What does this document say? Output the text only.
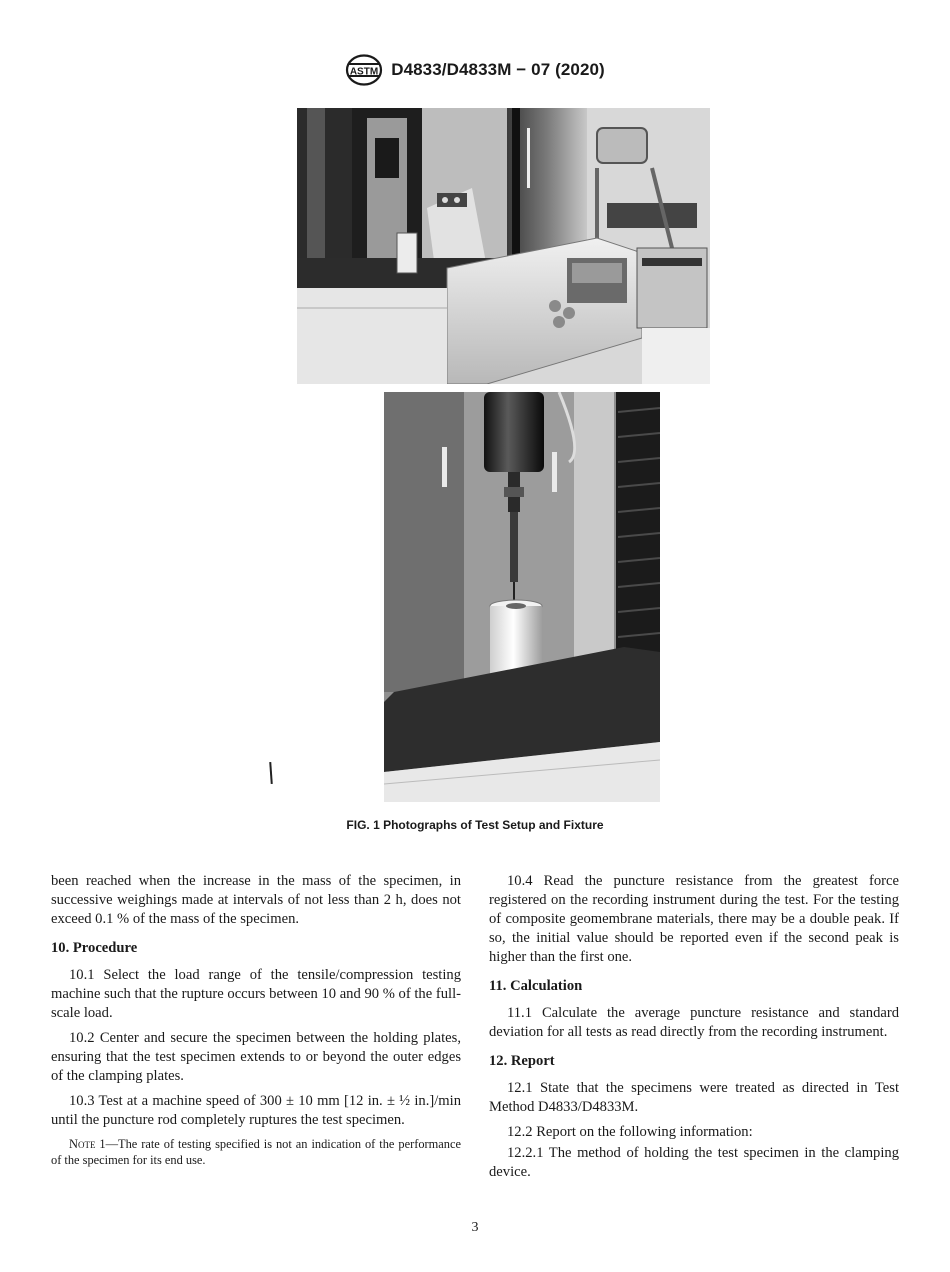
ASTM D4833/D4833M − 07 (2020)
FIG. 1 Photographs of Test Setup and Fixture

been reached when the increase in the mass of the specimen, in successive weighings made at intervals of not less than 2 h, does not exceed 0.1 % of the mass of the specimen.

10. Procedure

10.1 Select the load range of the tensile/compression testing machine such that the rupture occurs between 10 and 90 % of the full-scale load.

10.2 Center and secure the specimen between the holding plates, ensuring that the test specimen extends to or beyond the outer edges of the clamping plates.

10.3 Test at a machine speed of 300 ± 10 mm [12 in. ± ½ in.]/min until the puncture rod completely ruptures the test specimen.

Note 1—The rate of testing specified is not an indication of the performance of the specimen for its end use.

10.4 Read the puncture resistance from the greatest force registered on the recording instrument during the test. For the testing of composite geomembrane materials, there may be a double peak. If so, the initial value should be reported even if the second peak is higher than the first one.

11. Calculation

11.1 Calculate the average puncture resistance and standard deviation for all tests as read directly from the recording instrument.

12. Report

12.1 State that the specimens were treated as directed in Test Method D4833/D4833M.

12.2 Report on the following information:

12.2.1 The method of holding the test specimen in the clamping device.

3
